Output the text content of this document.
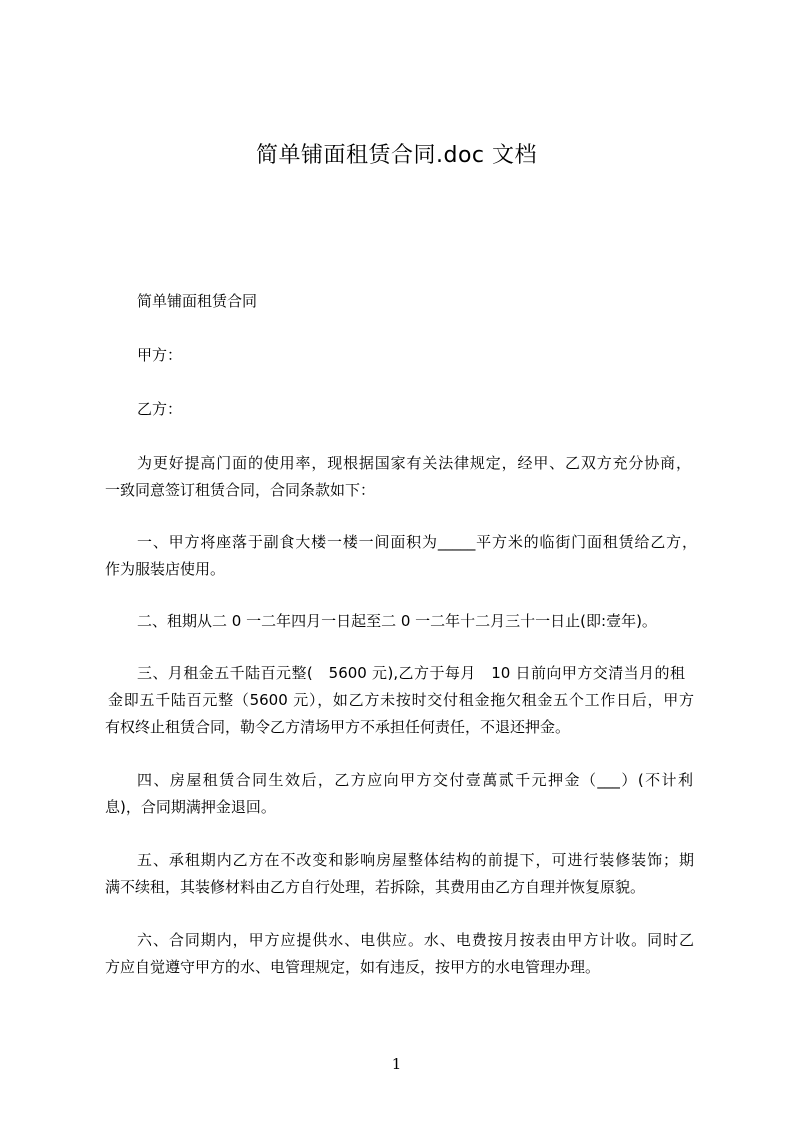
简单铺面租赁合同.doc 文档
简单铺面租赁合同
甲方：
乙方：
为更好提高门面的使用率，现根据国家有关法律规定，经甲、乙双方充分协商，
一致同意签订租赁合同，合同条款如下：
一、甲方将座落于副食大楼一楼一间面积为_____平方米的临街门面租赁给乙方，
作为服装店使用。
二、租期从二 0 一二年四月一日起至二 0 一二年十二月三十一日止(即:壹年)。
三、月租金五千陆百元整(　5600 元),乙方于每月　10 日前向甲方交清当月的租
金即五千陆百元整（5600 元），如乙方未按时交付租金拖欠租金五个工作日后，甲方
有权终止租赁合同，勒令乙方清场甲方不承担任何责任，不退还押金。
四、房屋租赁合同生效后，乙方应向甲方交付壹萬贰千元押金（___）(不计利
息)，合同期满押金退回。
五、承租期内乙方在不改变和影响房屋整体结构的前提下，可进行装修装饰；期
满不续租，其装修材料由乙方自行处理，若拆除，其费用由乙方自理并恢复原貌。
六、合同期内，甲方应提供水、电供应。水、电费按月按表由甲方计收。同时乙
方应自觉遵守甲方的水、电管理规定，如有违反，按甲方的水电管理办理。
1
